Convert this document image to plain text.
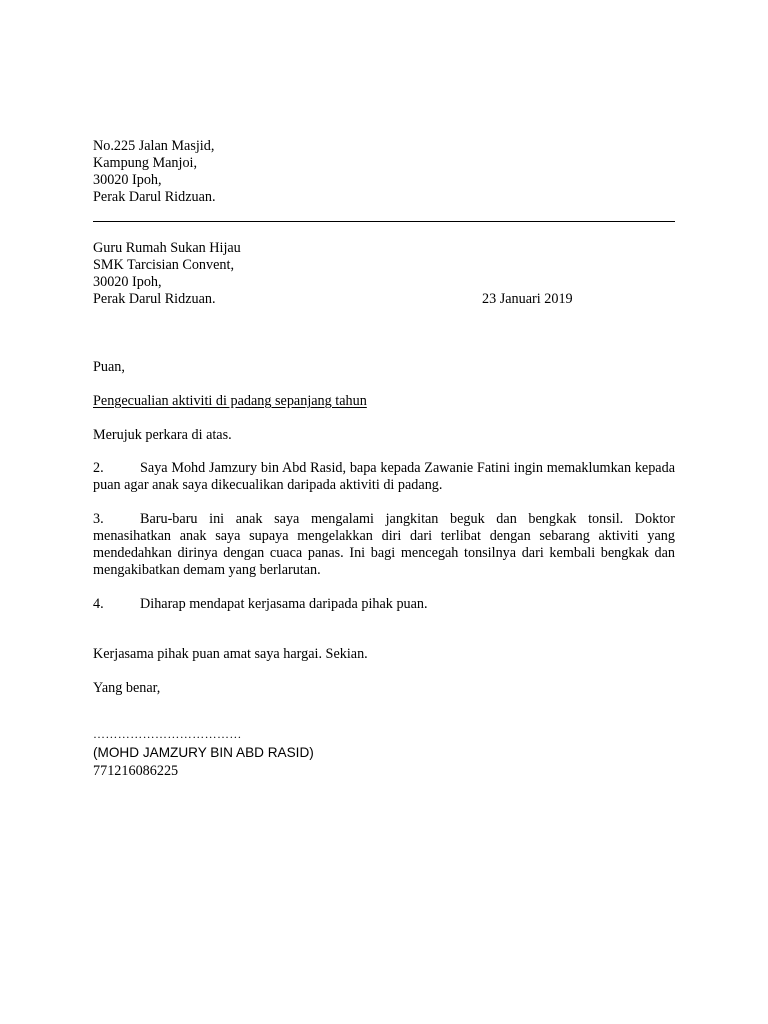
No.225 Jalan Masjid,
Kampung Manjoi,
30020 Ipoh,
Perak Darul Ridzuan.
Guru Rumah Sukan Hijau
SMK Tarcisian Convent,
30020 Ipoh,
Perak Darul Ridzuan.	23 Januari 2019
Puan,
Pengecualian aktiviti di padang sepanjang tahun
Merujuk perkara di atas.
2.	Saya Mohd Jamzury bin Abd Rasid, bapa kepada Zawanie Fatini ingin memaklumkan kepada puan agar anak saya dikecualikan daripada aktiviti di padang.
3.	Baru-baru ini anak saya mengalami jangkitan beguk dan bengkak tonsil. Doktor menasihatkan anak saya supaya mengelakkan diri dari terlibat dengan sebarang aktiviti yang mendedahkan dirinya dengan cuaca panas. Ini bagi mencegah tonsilnya dari kembali bengkak dan mengakibatkan demam yang berlarutan.
4.	Diharap mendapat kerjasama daripada pihak puan.
Kerjasama pihak puan amat saya hargai. Sekian.
Yang benar,
………………………………
(MOHD JAMZURY BIN ABD RASID)
771216086225
